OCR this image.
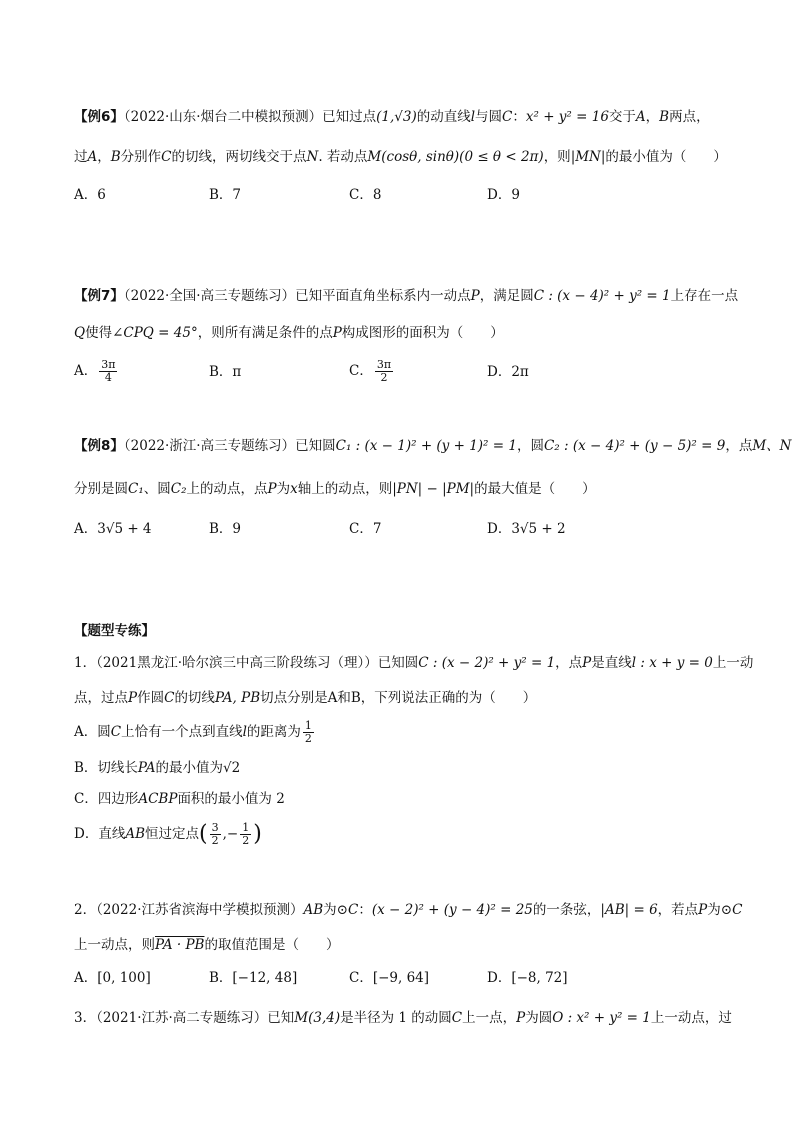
【例6】（2022·山东·烟台二中模拟预测）已知过点(1,√3)的动直线l与圆C：x² + y² = 16交于A，B两点，
过A，B分别作C的切线，两切线交于点N. 若动点M(cosθ, sinθ)(0 ≤ θ < 2π)，则|MN|的最小值为（　　）
A．6	B．7	C．8	D．9
【例7】（2022·全国·高三专题练习）已知平面直角坐标系内一动点P，满足圆C : (x − 4)² + y² = 1上存在一点
Q使得∠CPQ = 45°，则所有满足条件的点P构成图形的面积为（　　）
A． $\frac{3\pi}{4}$	B．π	C． $\frac{3\pi}{2}$	D．2π
【例8】（2022·浙江·高三专题练习）已知圆C₁ : (x − 1)² + (y + 1)² = 1，圆C₂ : (x − 4)² + (y − 5)² = 9，点M、N
分别是圆C₁、圆C₂上的动点，点P为x轴上的动点，则|PN| − |PM|的最大值是（　　）
A．3√5 + 4	B．9	C．7	D．3√5 + 2
【题型专练】
1．（2021黑龙江·哈尔滨三中高三阶段练习（理））已知圆C : (x − 2)² + y² = 1，点P是直线l : x + y = 0上一动
点，过点P作圆C的切线PA, PB切点分别是A和B，下列说法正确的为（　　）
A．圆C上恰有一个点到直线l的距离为 $\frac{1}{2}$
B．切线长PA的最小值为√2
C．四边形ACBP面积的最小值为 2
D．直线AB恒过定点( $\frac{3}{2}$ ,− $\frac{1}{2}$ )
2．（2022·江苏省滨海中学模拟预测）AB为⊙C：(x − 2)² + (y − 4)² = 25的一条弦，|AB| = 6，若点P为⊙C
上一动点，则PA · PB的取值范围是（　　）
A．[0, 100]	B．[−12, 48]	C．[−9, 64]	D．[−8, 72]
3．（2021·江苏·高二专题练习）已知M(3,4)是半径为 1 的动圆C上一点，P为圆O : x² + y² = 1上一动点，过
